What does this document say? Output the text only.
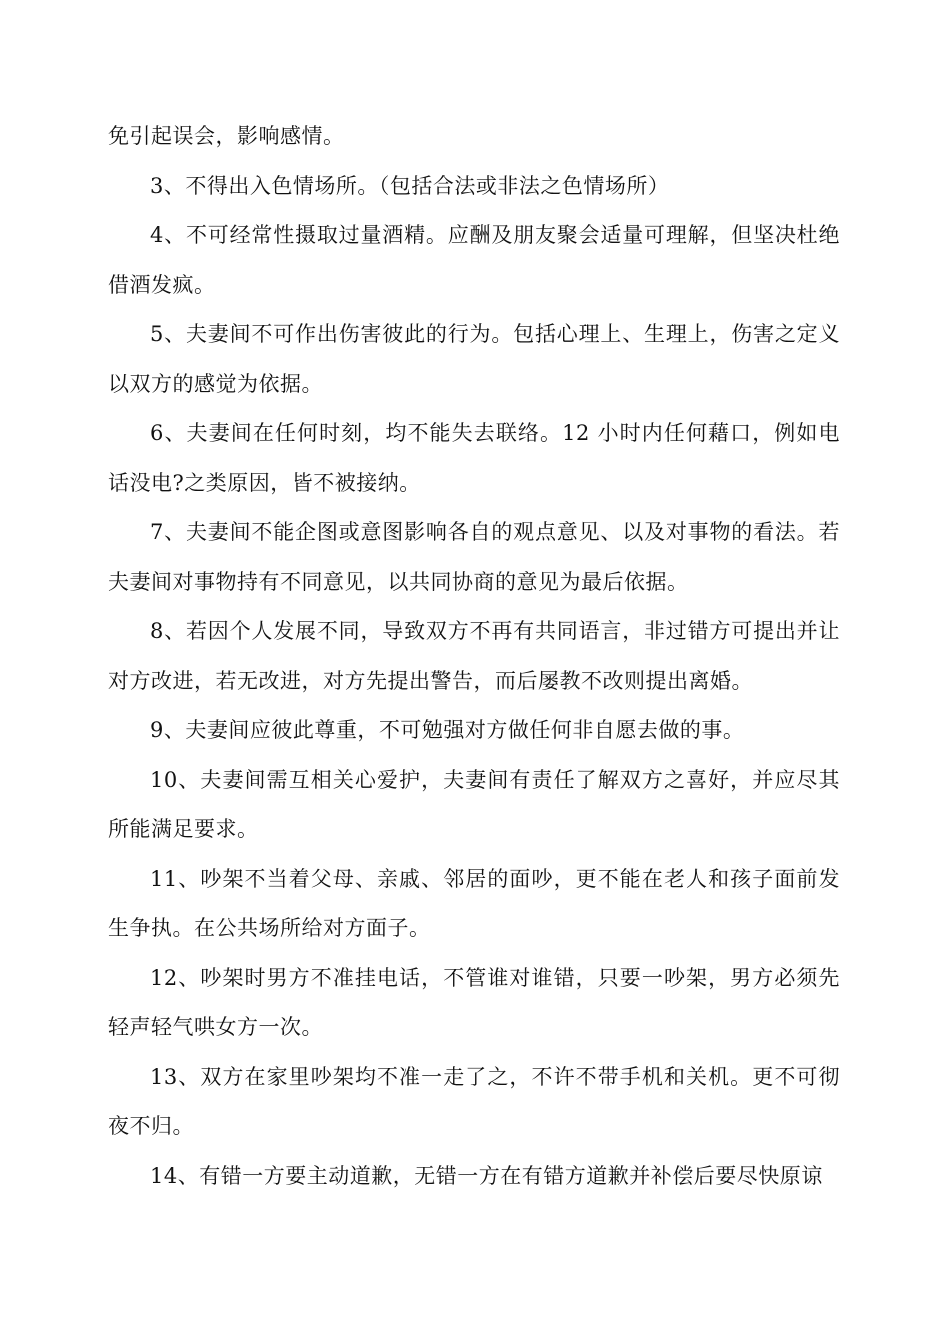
免引起误会，影响感情。

3、不得出入色情场所。（包括合法或非法之色情场所）

4、不可经常性摄取过量酒精。应酬及朋友聚会适量可理解，但坚决杜绝借酒发疯。

5、夫妻间不可作出伤害彼此的行为。包括心理上、生理上，伤害之定义以双方的感觉为依据。

6、夫妻间在任何时刻，均不能失去联络。12 小时内任何藉口，例如电话没电?之类原因，皆不被接纳。

7、夫妻间不能企图或意图影响各自的观点意见、以及对事物的看法。若夫妻间对事物持有不同意见，以共同协商的意见为最后依据。

8、若因个人发展不同，导致双方不再有共同语言，非过错方可提出并让对方改进，若无改进，对方先提出警告，而后屡教不改则提出离婚。

9、夫妻间应彼此尊重，不可勉强对方做任何非自愿去做的事。

10、夫妻间需互相关心爱护，夫妻间有责任了解双方之喜好，并应尽其所能满足要求。

11、吵架不当着父母、亲戚、邻居的面吵，更不能在老人和孩子面前发生争执。在公共场所给对方面子。

12、吵架时男方不准挂电话，不管谁对谁错，只要一吵架，男方必须先轻声轻气哄女方一次。

13、双方在家里吵架均不准一走了之，不许不带手机和关机。更不可彻夜不归。

14、有错一方要主动道歉，无错一方在有错方道歉并补偿后要尽快原谅
